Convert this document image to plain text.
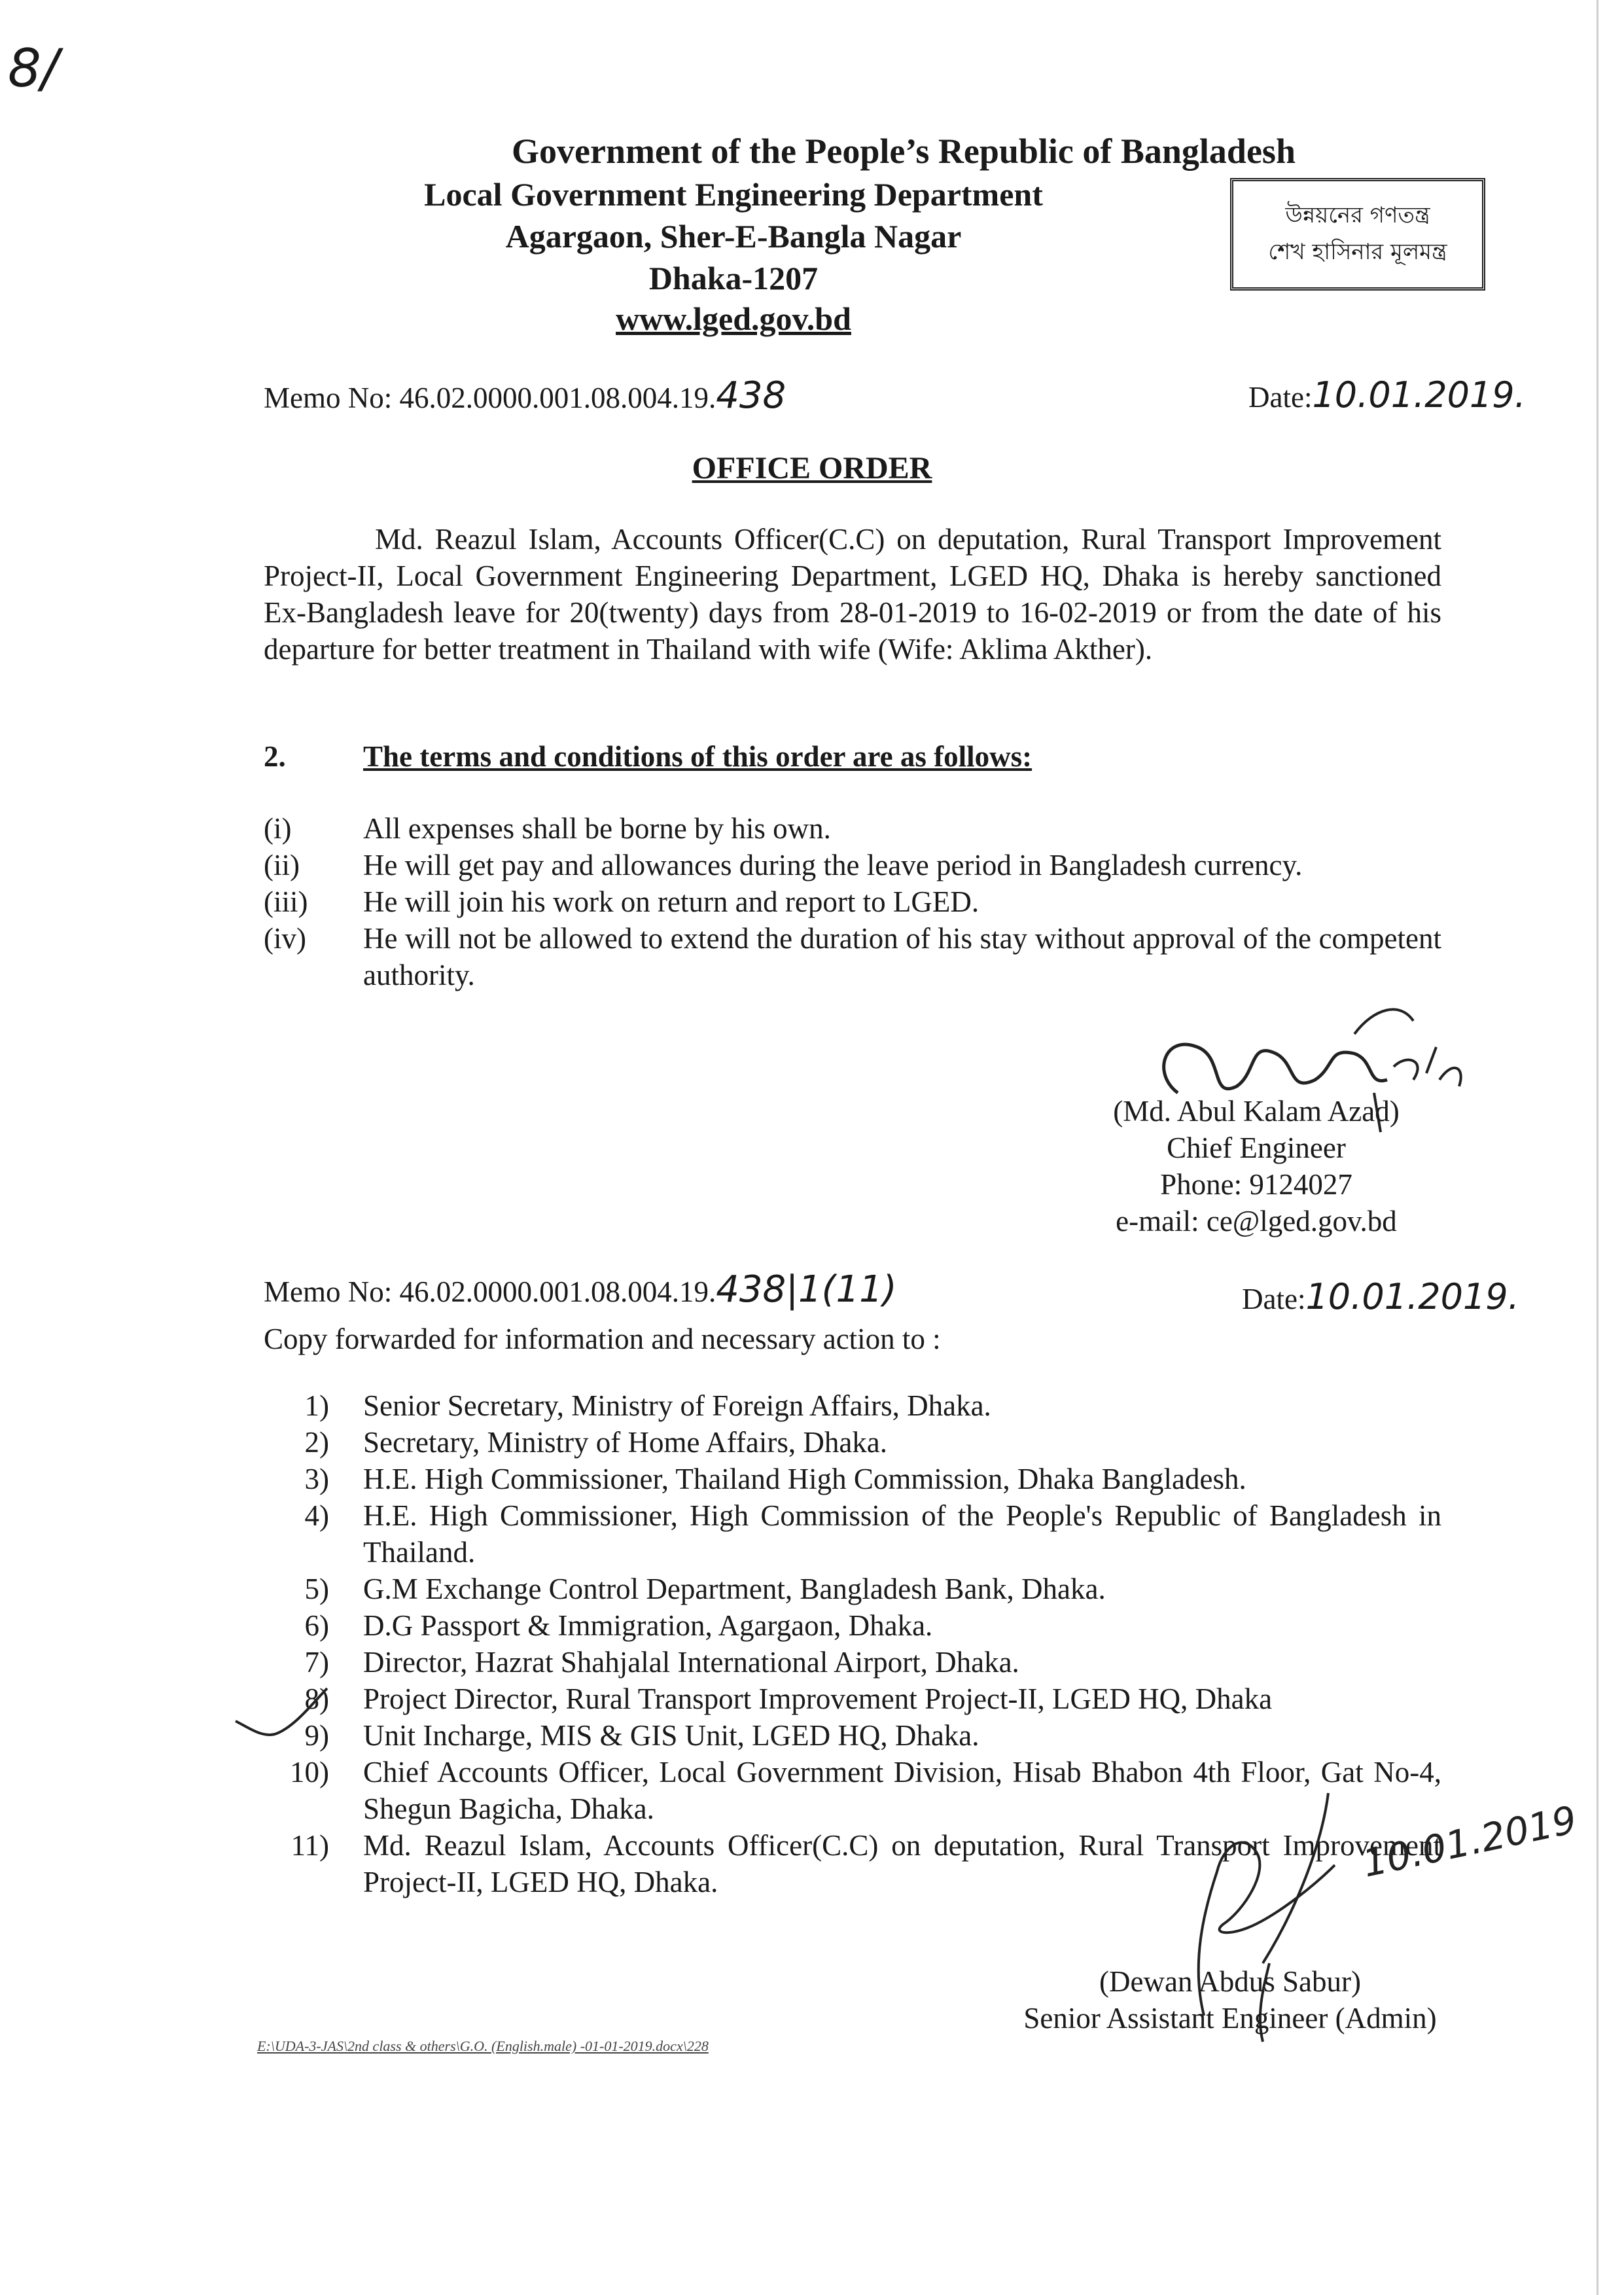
8/
Government of the People’s Republic of Bangladesh
Local Government Engineering Department
Agargaon, Sher-E-Bangla Nagar
Dhaka-1207
www.lged.gov.bd
উন্নয়নের গণতন্ত্র
শেখ হাসিনার মূলমন্ত্র
Memo No: 46.02.0000.001.08.004.19.438	Date:10.01.2019.
OFFICE ORDER
Md. Reazul Islam, Accounts Officer(C.C) on deputation, Rural Transport Improvement Project-II, Local Government Engineering Department, LGED HQ, Dhaka is hereby sanctioned Ex-Bangladesh leave for 20(twenty) days from 28-01-2019 to 16-02-2019 or from the date of his departure for better treatment in Thailand with wife (Wife: Aklima Akther).
2.	The terms and conditions of this order are as follows:
(i)	All expenses shall be borne by his own.
(ii)	He will get pay and allowances during the leave period in Bangladesh currency.
(iii)	He will join his work on return and report to LGED.
(iv)	He will not be allowed to extend the duration of his stay without approval of the competent authority.
(Md. Abul Kalam Azad)
Chief Engineer
Phone: 9124027
e-mail: ce@lged.gov.bd
Memo No: 46.02.0000.001.08.004.19.438|1(11)	Date:10.01.2019.
Copy forwarded for information and necessary action to :
1) Senior Secretary, Ministry of Foreign Affairs, Dhaka.
2) Secretary, Ministry of Home Affairs, Dhaka.
3) H.E. High Commissioner, Thailand High Commission, Dhaka Bangladesh.
4) H.E. High Commissioner, High Commission of the People's Republic of Bangladesh in Thailand.
5) G.M Exchange Control Department, Bangladesh Bank, Dhaka.
6) D.G Passport & Immigration, Agargaon, Dhaka.
7) Director, Hazrat Shahjalal International Airport, Dhaka.
8) Project Director, Rural Transport Improvement Project-II, LGED HQ, Dhaka
9) Unit Incharge, MIS & GIS Unit, LGED HQ, Dhaka.
10) Chief Accounts Officer, Local Government Division, Hisab Bhabon 4th Floor, Gat No-4, Shegun Bagicha, Dhaka.
11) Md. Reazul Islam, Accounts Officer(C.C) on deputation, Rural Transport Improvement Project-II, LGED HQ, Dhaka.	10.01.2019
(Dewan Abdus Sabur)
Senior Assistant Engineer (Admin)
E:\UDA-3-JAS\2nd class & others\G.O. (English.male) -01-01-2019.docx\228
